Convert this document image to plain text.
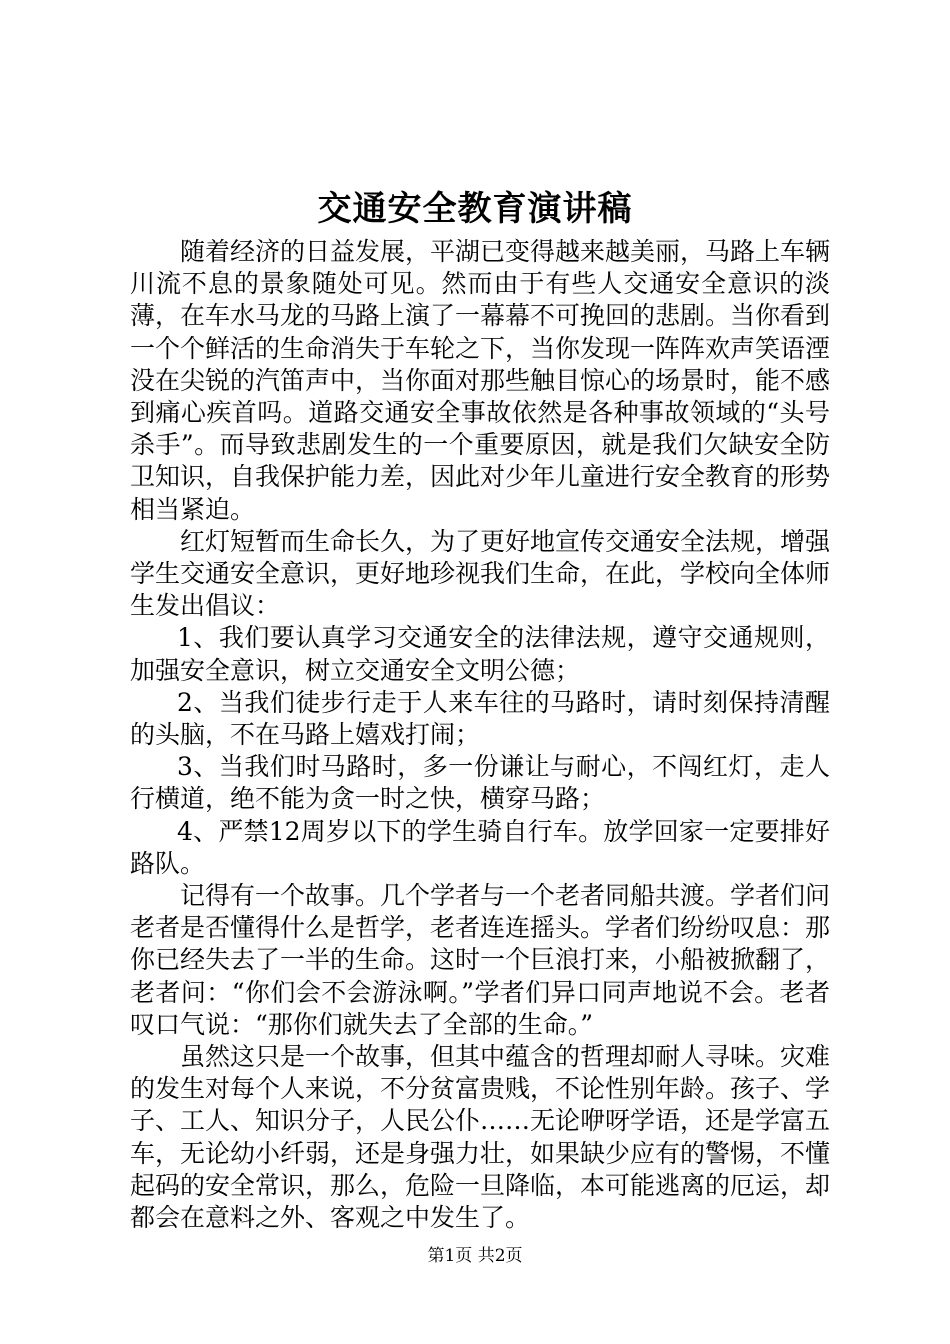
交通安全教育演讲稿

随着经济的日益发展，平湖已变得越来越美丽，马路上车辆川流不息的景象随处可见。然而由于有些人交通安全意识的淡薄，在车水马龙的马路上演了一幕幕不可挽回的悲剧。当你看到一个个鲜活的生命消失于车轮之下，当你发现一阵阵欢声笑语湮没在尖锐的汽笛声中，当你面对那些触目惊心的场景时，能不感到痛心疾首吗。道路交通安全事故依然是各种事故领域的“头号杀手”。而导致悲剧发生的一个重要原因，就是我们欠缺安全防卫知识，自我保护能力差，因此对少年儿童进行安全教育的形势相当紧迫。

红灯短暂而生命长久，为了更好地宣传交通安全法规，增强学生交通安全意识，更好地珍视我们生命，在此，学校向全体师生发出倡议：

1、我们要认真学习交通安全的法律法规，遵守交通规则，加强安全意识，树立交通安全文明公德；

2、当我们徒步行走于人来车往的马路时，请时刻保持清醒的头脑，不在马路上嬉戏打闹；

3、当我们时马路时，多一份谦让与耐心，不闯红灯，走人行横道，绝不能为贪一时之快，横穿马路；

4、严禁12周岁以下的学生骑自行车。放学回家一定要排好路队。

记得有一个故事。几个学者与一个老者同船共渡。学者们问老者是否懂得什么是哲学，老者连连摇头。学者们纷纷叹息：那你已经失去了一半的生命。这时一个巨浪打来，小船被掀翻了，老者问：“你们会不会游泳啊。”学者们异口同声地说不会。老者叹口气说：“那你们就失去了全部的生命。”

虽然这只是一个故事，但其中蕴含的哲理却耐人寻味。灾难的发生对每个人来说，不分贫富贵贱，不论性别年龄。孩子、学子、工人、知识分子，人民公仆……无论咿呀学语，还是学富五车，无论幼小纤弱，还是身强力壮，如果缺少应有的警惕，不懂起码的安全常识，那么，危险一旦降临，本可能逃离的厄运，却都会在意料之外、客观之中发生了。

第1页 共2页
